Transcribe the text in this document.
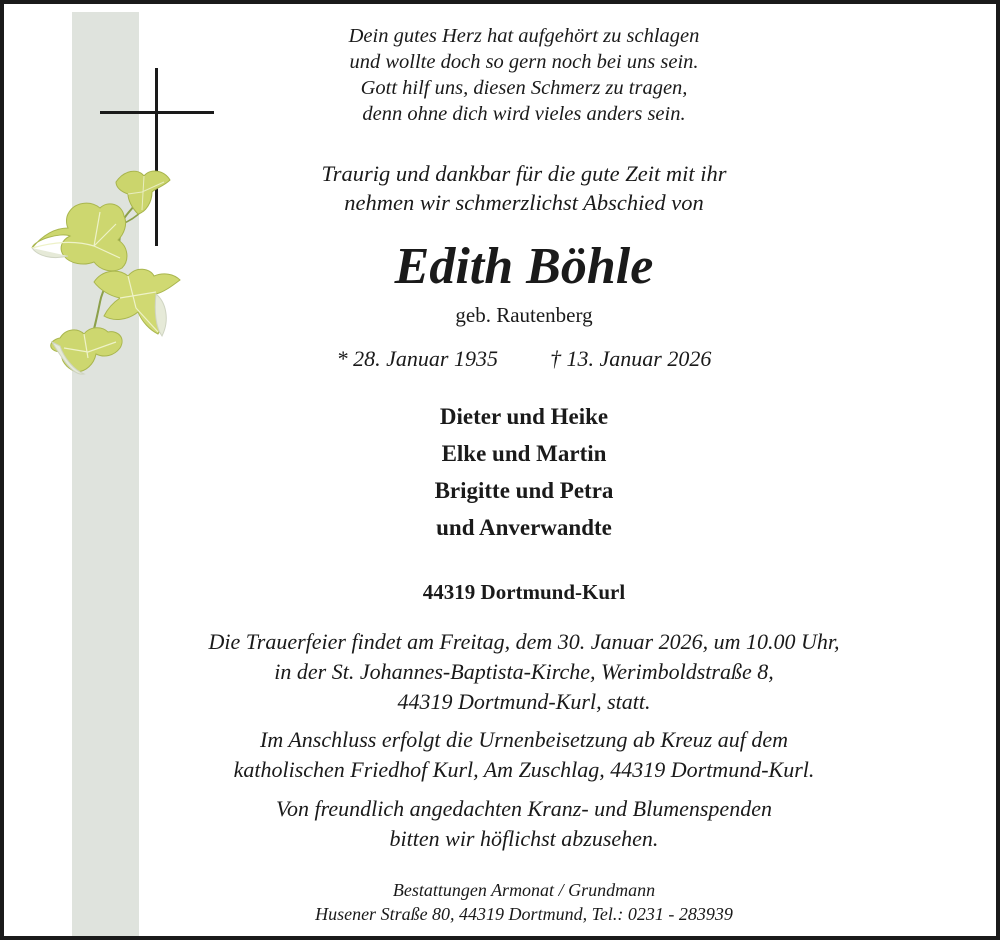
Dein gutes Herz hat aufgehört zu schlagen
und wollte doch so gern noch bei uns sein.
Gott hilf uns, diesen Schmerz zu tragen,
denn ohne dich wird vieles anders sein.
Traurig und dankbar für die gute Zeit mit ihr
nehmen wir schmerzlichst Abschied von
Edith Böhle
geb. Rautenberg
* 28. Januar 1935 † 13. Januar 2026
Dieter und Heike
Elke und Martin
Brigitte und Petra
und Anverwandte
44319 Dortmund-Kurl
Die Trauerfeier findet am Freitag, dem 30. Januar 2026, um 10.00 Uhr,
in der St. Johannes-Baptista-Kirche, Werimboldstraße 8,
44319 Dortmund-Kurl, statt.
Im Anschluss erfolgt die Urnenbeisetzung ab Kreuz auf dem
katholischen Friedhof Kurl, Am Zuschlag, 44319 Dortmund-Kurl.
Von freundlich angedachten Kranz- und Blumenspenden
bitten wir höflichst abzusehen.
Bestattungen Armonat / Grundmann
Husener Straße 80, 44319 Dortmund, Tel.: 0231 - 283939
